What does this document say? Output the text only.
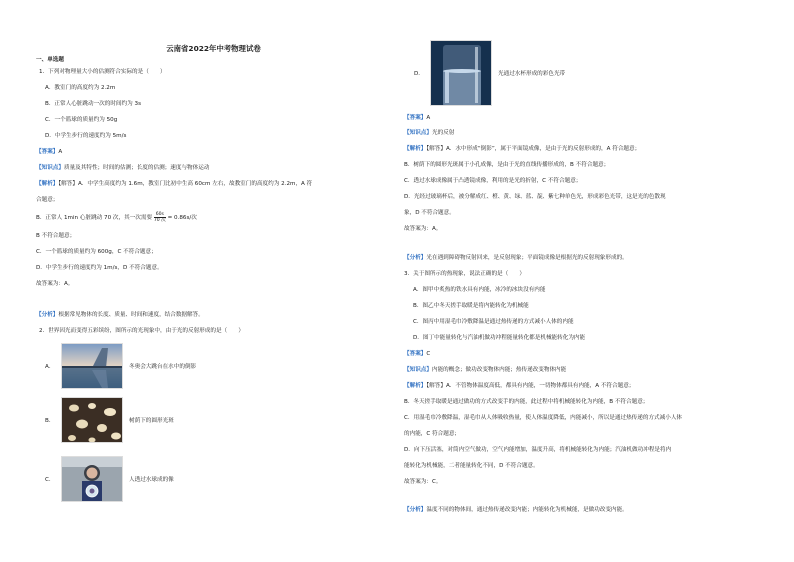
云南省2022年中考物理试卷

一、单选题

1．下列对物理量大小的估测符合实际的是（　　）

A．教室门的高度约为 2.2m

B．正常人心脏跳动一次的时间约为 3s

C．一个篮球的质量约为 50g

D．中学生步行的速度约为 5m/s

【答案】A

【知识点】质量及其特性；时间的估测；长度的估测；速度与物体运动

【解析】【解答】A．中学生高度约为 1.6m，教室门比初中生高 60cm 左右，故教室门的高度约为 2.2m，A 符

合题意；

B．正常人 1min 心脏跳动 70 次，其一次需要 $\frac{60s}{\text{70 次}} = 0.86s/$次

B 不符合题意；

C．一个篮球的质量约为 600g，C 不符合题意；

D．中学生步行的速度约为 1m/s，D 不符合题意。

故答案为：A。

【分析】根据常见物体的长度、质量、时间和速度，结合数据解答。

2．世界因光而变得五彩缤纷，图所示的光现象中，由于光的反射形成的是（　　）

A．	冬奥会大跳台在水中的倒影
B．	树荫下的圆形光斑
C．	人透过水球成的像
D．	光通过水杯形成的彩色光带

【答案】A

【知识点】光的反射

【解析】【解答】A．水中形成“倒影”，属于平面镜成像，是由于光的反射形成的，A 符合题意；

B．树荫下的圆形光斑属于小孔成像，是由于光的直线传播形成的，B 不符合题意；

C．透过水球成像属于凸透镜成像，利用的是光的折射，C 不符合题意；

D．光经过玻璃杯后，被分解成红、橙、黄、绿、蓝、靛、紫七种单色光，形成彩色光带，这是光的色散现

象，D 不符合题意。

故答案为：A。

【分析】光在遇到障碍物反射回来，是反射现象；平面镜成像是根据光的反射现象形成的。

3．关于图所示的热现象，说法正确的是（　　）

A．图甲中炙热的铁水具有内能，冰冷的冰块没有内能

B．图乙中冬天搓手取暖是将内能转化为机械能

C．图丙中用湿毛巾冷敷降温是通过热传递的方式减小人体的内能

D．图丁中能量转化与汽油机做功冲程能量转化都是机械能转化为内能

【答案】C

【知识点】内能的概念；做功改变物体内能；热传递改变物体内能

【解析】【解答】A．不管物体温度高低，都具有内能，一切物体都具有内能，A 不符合题意；

B．冬天搓手取暖是通过做功的方式改变手的内能，此过程中将机械能转化为内能，B 不符合题意；

C．用湿毛巾冷敷降温，湿毛巾从人体吸收热量，使人体温度降低，内能减小，所以是通过热传递的方式减小人体

的内能，C 符合题意；

D．向下压活塞，对筒内空气做功，空气内能增加，温度升高，将机械能转化为内能；汽油机做功冲程是将内

能转化为机械能，二者能量转化不同，D 不符合题意。

故答案为：C。

【分析】温度不同的物体间，通过热传递改变内能；内能转化为机械能，是做功改变内能。
